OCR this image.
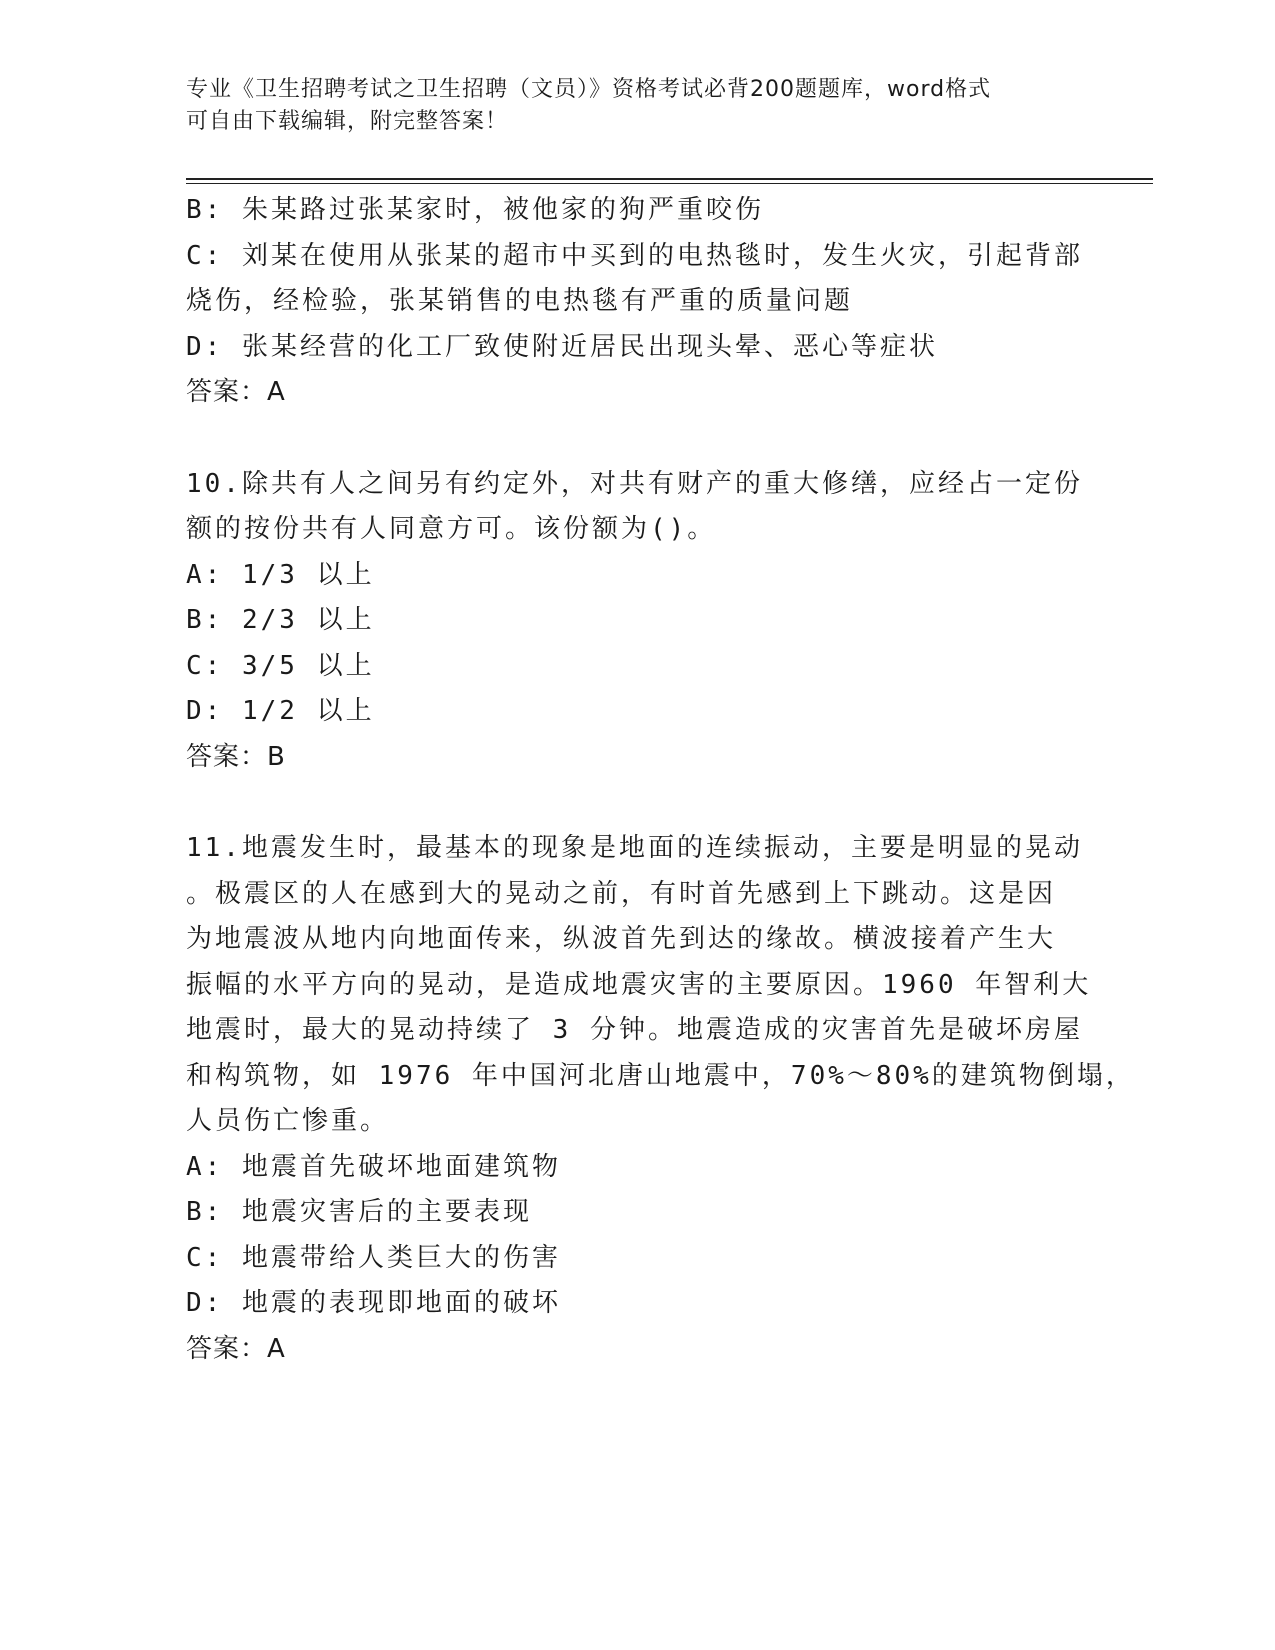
专业《卫生招聘考试之卫生招聘（文员）》资格考试必背200题题库，word格式
可自由下载编辑，附完整答案！

B: 朱某路过张某家时，被他家的狗严重咬伤

C: 刘某在使用从张某的超市中买到的电热毯时，发生火灾，引起背部

烧伤，经检验，张某销售的电热毯有严重的质量问题

D: 张某经营的化工厂致使附近居民出现头晕、恶心等症状

答案：A

10.除共有人之间另有约定外，对共有财产的重大修缮，应经占一定份

额的按份共有人同意方可。该份额为()。

A: 1/3 以上

B: 2/3 以上

C: 3/5 以上

D: 1/2 以上

答案：B

11.地震发生时，最基本的现象是地面的连续振动，主要是明显的晃动

。极震区的人在感到大的晃动之前，有时首先感到上下跳动。这是因

为地震波从地内向地面传来，纵波首先到达的缘故。横波接着产生大

振幅的水平方向的晃动，是造成地震灾害的主要原因。1960 年智利大

地震时，最大的晃动持续了 3 分钟。地震造成的灾害首先是破坏房屋

和构筑物，如 1976 年中国河北唐山地震中，70%～80%的建筑物倒塌，

人员伤亡惨重。

A: 地震首先破坏地面建筑物

B: 地震灾害后的主要表现

C: 地震带给人类巨大的伤害

D: 地震的表现即地面的破坏

答案：A
